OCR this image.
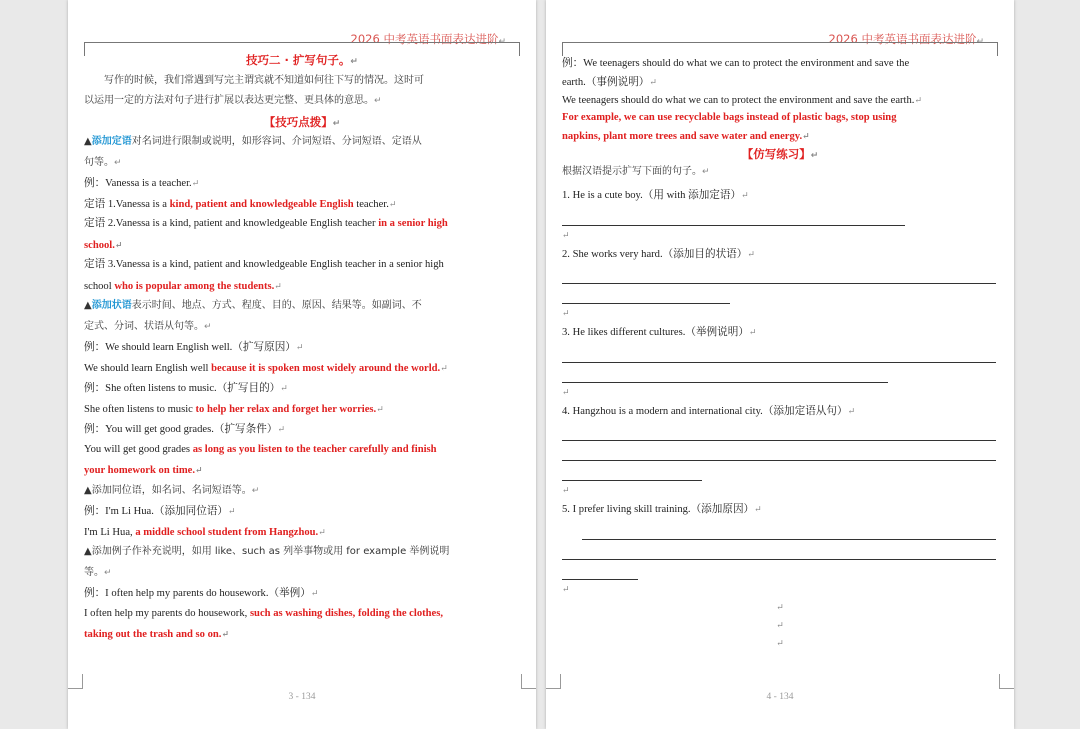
2026 中考英语书面表达进阶 ↵
技巧二 · 扩写句子。↵
写作的时候，我们常遇到写完主谓宾就不知道如何往下写的情况。这时可
以运用一定的方法对句子进行扩展以表达更完整、更具体的意思。↵
【技巧点拨】↵
▲添加定语对名词进行限制或说明，如形容词、介词短语、分词短语、定语从
句等。↵
例：Vanessa is a teacher.↵
定语 1.Vanessa is a kind, patient and knowledgeable English teacher.↵
定语 2.Vanessa is a kind, patient and knowledgeable English teacher in a senior high
school.↵
定语 3.Vanessa is a kind, patient and knowledgeable English teacher in a senior high
school who is popular among the students.↵
▲添加状语表示时间、地点、方式、程度、目的、原因、结果等。如副词、不
定式、分词、状语从句等。↵
例：We should learn English well.（扩写原因）↵
We should learn English well because it is spoken most widely around the world.↵
例：She often listens to music.（扩写目的）↵
She often listens to music to help her relax and forget her worries.↵
例：You will get good grades.（扩写条件）↵
You will get good grades as long as you listen to the teacher carefully and finish
your homework on time.↵
▲添加同位语，如名词、名词短语等。↵
例：I'm Li Hua.（添加同位语）↵
I'm Li Hua, a middle school student from Hangzhou.↵
▲添加例子作补充说明，如用 like、such as 列举事物或用 for example 举例说明
等。↵
例：I often help my parents do housework.（举例）↵
I often help my parents do housework, such as washing dishes, folding the clothes,
taking out the trash and so on.↵
3 - 134
2026 中考英语书面表达进阶 ↵
例：We teenagers should do what we can to protect the environment and save the
earth.（事例说明）↵
We teenagers should do what we can to protect the environment and save the earth.↵
For example, we can use recyclable bags instead of plastic bags, stop using
napkins, plant more trees and save water and energy.↵
【仿写练习】↵
根据汉语提示扩写下面的句子。↵
1. He is a cute boy.（用 with 添加定语）↵
↵
2. She works very hard.（添加目的状语）↵
↵
3. He likes different cultures.（举例说明）↵
↵
4. Hangzhou is a modern and international city.（添加定语从句）↵
↵
5. I prefer living skill training.（添加原因）↵
↵
↵
↵
↵
4 - 134
